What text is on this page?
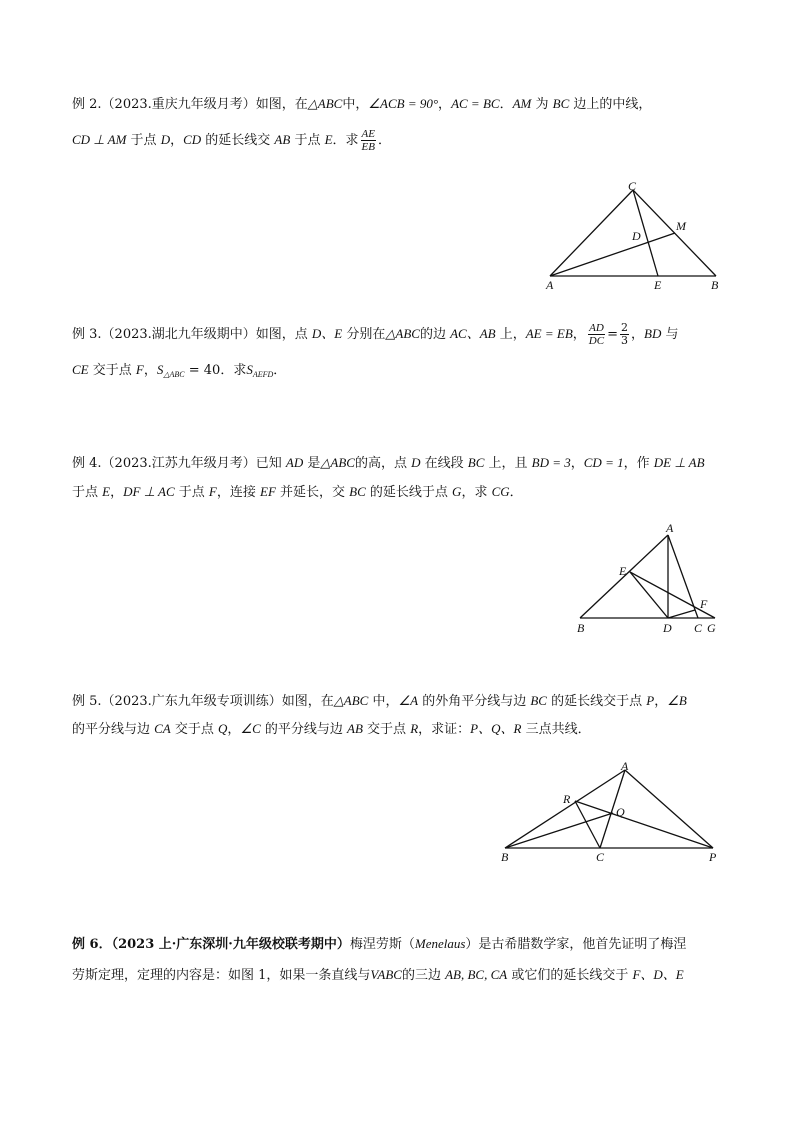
例 2.（2023.重庆九年级月考）如图，在△ABC中，∠ACB = 90°，AC = BC．AM 为 BC 边上的中线，
CD ⊥ AM 于点 D，CD 的延长线交 AB 于点 E．求 $\frac{AE}{EB}$ ．
C
M
D
A	E	B
例 3.（2023.湖北九年级期中）如图，点 D、E 分别在△ABC的边 AC、AB 上，AE = EB， $\frac{AD}{DC} = \frac{2}{3}$ ，BD 与
CE 交于点 F，$S_{\triangle ABC} = 40$．求$S_{AEFD}$．
例 4.（2023.江苏九年级月考）已知 AD 是△ABC的高，点 D 在线段 BC 上，且 BD = 3，CD = 1，作 DE ⊥ AB
于点 E，DF ⊥ AC 于点 F，连接 EF 并延长，交 BC 的延长线于点 G，求 CG．
A
E
F
B	D C G
例 5.（2023.广东九年级专项训练）如图，在△ABC 中，∠A 的外角平分线与边 BC 的延长线交于点 P，∠B
的平分线与边 CA 交于点 Q，∠C 的平分线与边 AB 交于点 R，求证：P、Q、R 三点共线．
A
R
Q
B	C	P
例 6．（2023 上·广东深圳·九年级校联考期中）梅涅劳斯（Menelaus）是古希腊数学家，他首先证明了梅涅
劳斯定理，定理的内容是：如图 1，如果一条直线与VABC的三边 AB, BC, CA 或它们的延长线交于 F、D、E
